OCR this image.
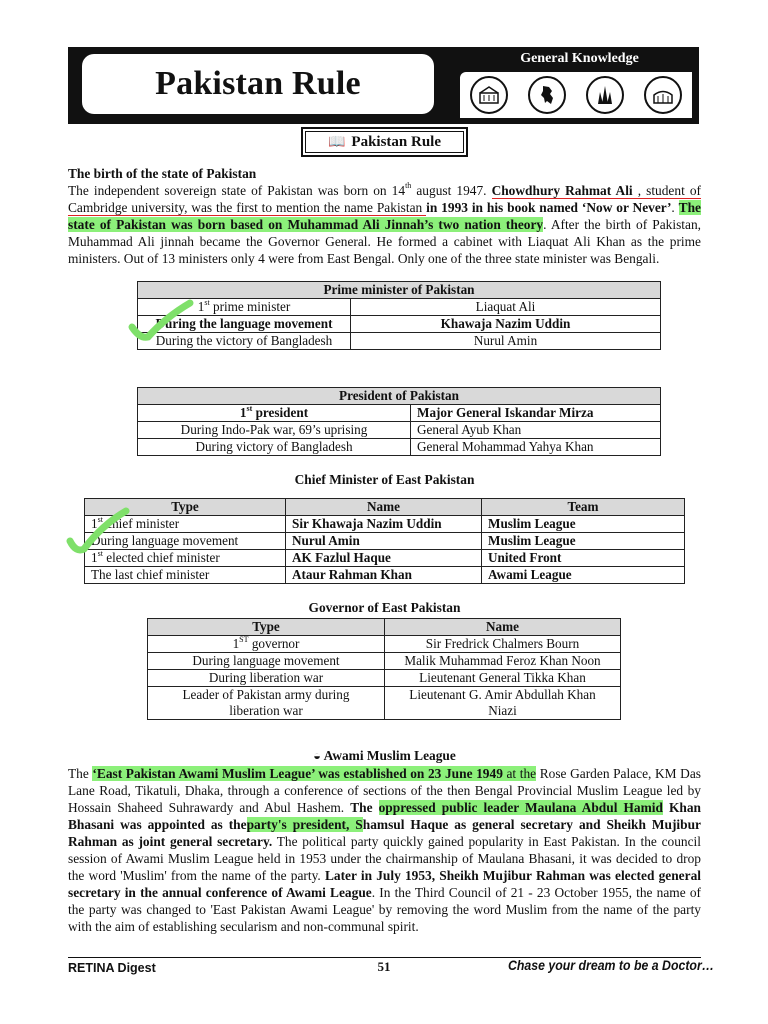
Pakistan Rule
General Knowledge
📖 Pakistan Rule
The birth of the state of Pakistan
The independent sovereign state of Pakistan was born on 14th august 1947. Chowdhury Rahmat Ali , student of Cambridge university, was the first to mention the name Pakistan in 1993 in his book named ‘Now or Never’. The state of Pakistan was born based on Muhammad Ali Jinnah’s two nation theory. After the birth of Pakistan, Muhammad Ali jinnah became the Governor General. He formed a cabinet with Liaquat Ali Khan as the prime ministers. Out of 13 ministers only 4 were from East Bengal. Only one of the three state minister was Bengali.
Prime minister of Pakistan	
1st prime minister	Liaquat Ali
During the language movement	Khawaja Nazim Uddin
During the victory of Bangladesh	Nurul Amin
President of Pakistan	
1st president	Major General Iskandar Mirza
During Indo-Pak war, 69’s uprising	General Ayub Khan
During victory of Bangladesh	General Mohammad Yahya Khan
Chief Minister of East Pakistan
Type	Name	Team
1st chief minister	Sir Khawaja Nazim Uddin	Muslim League
During language movement	Nurul Amin	Muslim League
1st elected chief minister	AK Fazlul Haque	United Front
The last chief minister	Ataur Rahman Khan	Awami League
Governor of East Pakistan
Type	Name
1ST governor	Sir Fredrick Chalmers Bourn
During language movement	Malik Muhammad Feroz Khan Noon
During liberation war	Lieutenant General Tikka Khan
Leader of Pakistan army during liberation war	Lieutenant G. Amir Abdullah Khan Niazi
◒ Awami Muslim League
The ‘East Pakistan Awami Muslim League’ was established on 23 June 1949 at the Rose Garden Palace, KM Das Lane Road, Tikatuli, Dhaka, through a conference of sections of the then Bengal Provincial Muslim League led by Hossain Shaheed Suhrawardy and Abul Hashem. The oppressed public leader Maulana Abdul Hamid Khan Bhasani was appointed as theparty's president, Shamsul Haque as general secretary and Sheikh Mujibur Rahman as joint general secretary. The political party quickly gained popularity in East Pakistan. In the council session of Awami Muslim League held in 1953 under the chairmanship of Maulana Bhasani, it was decided to drop the word 'Muslim' from the name of the party. Later in July 1953, Sheikh Mujibur Rahman was elected general secretary in the annual conference of Awami League. In the Third Council of 21 - 23 October 1955, the name of the party was changed to 'East Pakistan Awami League' by removing the word Muslim from the name of the party with the aim of establishing secularism and non-communal spirit.
RETINA Digest	51	Chase your dream to be a Doctor…
